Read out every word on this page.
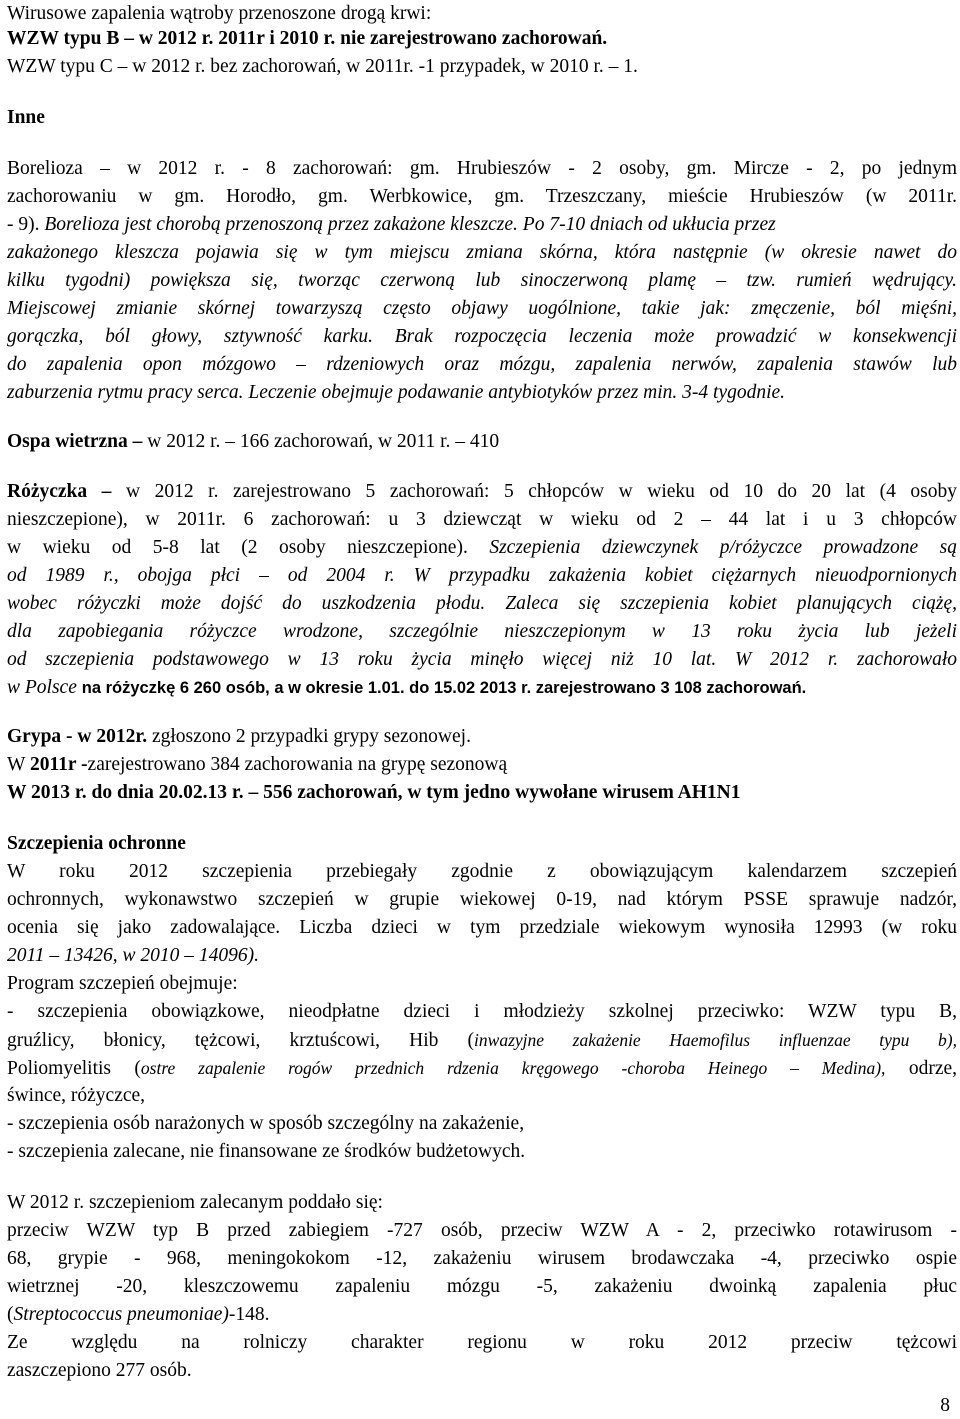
Wirusowe zapalenia wątroby przenoszone drogą krwi:
WZW typu B – w 2012 r. 2011r i 2010 r. nie zarejestrowano zachorowań.
WZW typu C – w 2012 r. bez zachorowań, w 2011r. -1 przypadek, w 2010 r. – 1.
Inne
Borelioza – w 2012 r. - 8 zachorowań: gm. Hrubieszów - 2 osoby, gm. Mircze - 2, po jednym
zachorowaniu w gm. Horodło, gm. Werbkowice, gm. Trzeszczany, mieście Hrubieszów (w 2011r.
- 9). Borelioza jest chorobą przenoszoną przez zakażone kleszcze. Po 7-10 dniach od ukłucia przez
zakażonego kleszcza pojawia się w tym miejscu zmiana skórna, która następnie (w okresie nawet do
kilku tygodni) powiększa się, tworząc czerwoną lub sinoczerwoną plamę – tzw. rumień wędrujący.
Miejscowej zmianie skórnej towarzyszą często objawy uogólnione, takie jak: zmęczenie, ból mięśni,
gorączka, ból głowy, sztywność karku. Brak rozpoczęcia leczenia może prowadzić w konsekwencji
do zapalenia opon mózgowo – rdzeniowych oraz mózgu, zapalenia nerwów, zapalenia stawów lub
zaburzenia rytmu pracy serca. Leczenie obejmuje podawanie antybiotyków przez min. 3-4 tygodnie.
Ospa wietrzna – w 2012 r. – 166 zachorowań, w 2011 r. – 410
Różyczka – w 2012 r. zarejestrowano 5 zachorowań: 5 chłopców w wieku od 10 do 20 lat (4 osoby
nieszczepione), w 2011r. 6 zachorowań: u 3 dziewcząt w wieku od 2 – 44 lat i u 3 chłopców
w wieku od 5-8 lat (2 osoby nieszczepione). Szczepienia dziewczynek p/różyczce prowadzone są
od 1989 r., obojga płci – od 2004 r. W przypadku zakażenia kobiet ciężarnych nieuodpornionych
wobec różyczki może dojść do uszkodzenia płodu. Zaleca się szczepienia kobiet planujących ciążę,
dla zapobiegania różyczce wrodzone, szczególnie nieszczepionym w 13 roku życia lub jeżeli
od szczepienia podstawowego w 13 roku życia minęło więcej niż 10 lat. W 2012 r. zachorowało
w Polsce na różyczkę 6 260 osób, a w okresie 1.01. do 15.02 2013 r. zarejestrowano 3 108 zachorowań.
Grypa - w 2012r. zgłoszono 2 przypadki grypy sezonowej.
W 2011r -zarejestrowano 384 zachorowania na grypę sezonową
W 2013 r. do dnia 20.02.13 r. – 556 zachorowań, w tym jedno wywołane wirusem AH1N1
Szczepienia ochronne
W roku 2012 szczepienia przebiegały zgodnie z obowiązującym kalendarzem szczepień
ochronnych, wykonawstwo szczepień w grupie wiekowej 0-19, nad którym PSSE sprawuje nadzór,
ocenia się jako zadowalające. Liczba dzieci w tym przedziale wiekowym wynosiła 12993 (w roku
2011 – 13426, w 2010 – 14096).
Program szczepień obejmuje:
- szczepienia obowiązkowe, nieodpłatne dzieci i młodzieży szkolnej przeciwko: WZW typu B,
gruźlicy, błonicy, tężcowi, krztuścowi, Hib (inwazyjne zakażenie Haemofilus influenzae typu b),
Poliomyelitis (ostre zapalenie rogów przednich rdzenia kręgowego -choroba Heinego – Medina), odrze,
śwince, różyczce,
- szczepienia osób narażonych w sposób szczególny na zakażenie,
- szczepienia zalecane, nie finansowane ze środków budżetowych.
W 2012 r. szczepieniom zalecanym poddało się:
przeciw WZW typ B przed zabiegiem -727 osób, przeciw WZW A - 2, przeciwko rotawirusom -
68, grypie - 968, meningokokom -12, zakażeniu wirusem brodawczaka -4, przeciwko ospie
wietrznej -20, kleszczowemu zapaleniu mózgu -5, zakażeniu dwoinką zapalenia płuc
(Streptococcus pneumoniae)-148.
Ze względu na rolniczy charakter regionu w roku 2012 przeciw tężcowi
zaszczepiono 277 osób.
8
